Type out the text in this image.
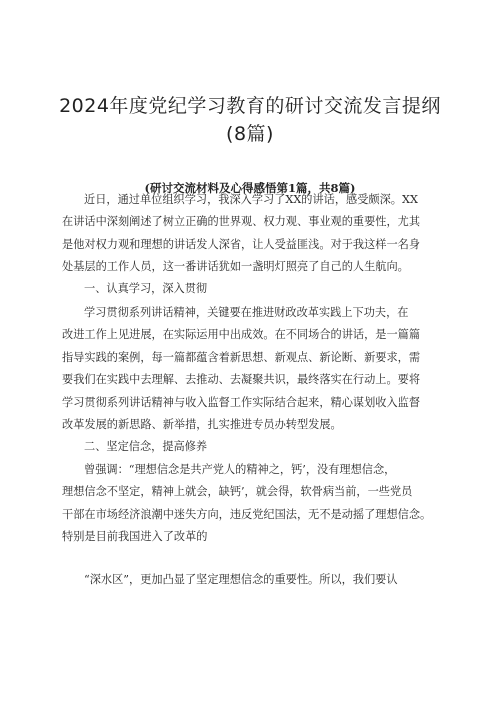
2024年度党纪学习教育的研讨交流发言提纲
(8篇)
(研讨交流材料及心得感悟第1篇，共8篇)
近日，通过单位组织学习，我深入学习了XX的讲话，感受颇深。XX
在讲话中深刻阐述了树立正确的世界观、权力观、事业观的重要性，尤其
是他对权力观和理想的讲话发人深省，让人受益匪浅。对于我这样一名身
处基层的工作人员，这一番讲话犹如一盏明灯照亮了自己的人生航向。
一、认真学习，深入贯彻
学习贯彻系列讲话精神，关键要在推进财政改革实践上下功夫，在
改进工作上见进展，在实际运用中出成效。在不同场合的讲话，是一篇篇
指导实践的案例，每一篇都蕴含着新思想、新观点、新论断、新要求，需
要我们在实践中去理解、去推动、去凝聚共识，最终落实在行动上。要将
学习贯彻系列讲话精神与收入监督工作实际结合起来，精心谋划收入监督
改革发展的新思路、新举措，扎实推进专员办转型发展。
二、坚定信念，提高修养
曾强调：“理想信念是共产党人的精神之，钙’，没有理想信念，
理想信念不坚定，精神上就会，缺钙’，就会得，软骨病当前，一些党员
干部在市场经济浪潮中迷失方向，违反党纪国法，无不是动摇了理想信念。
特别是目前我国进入了改革的
“深水区”，更加凸显了坚定理想信念的重要性。所以，我们要认
